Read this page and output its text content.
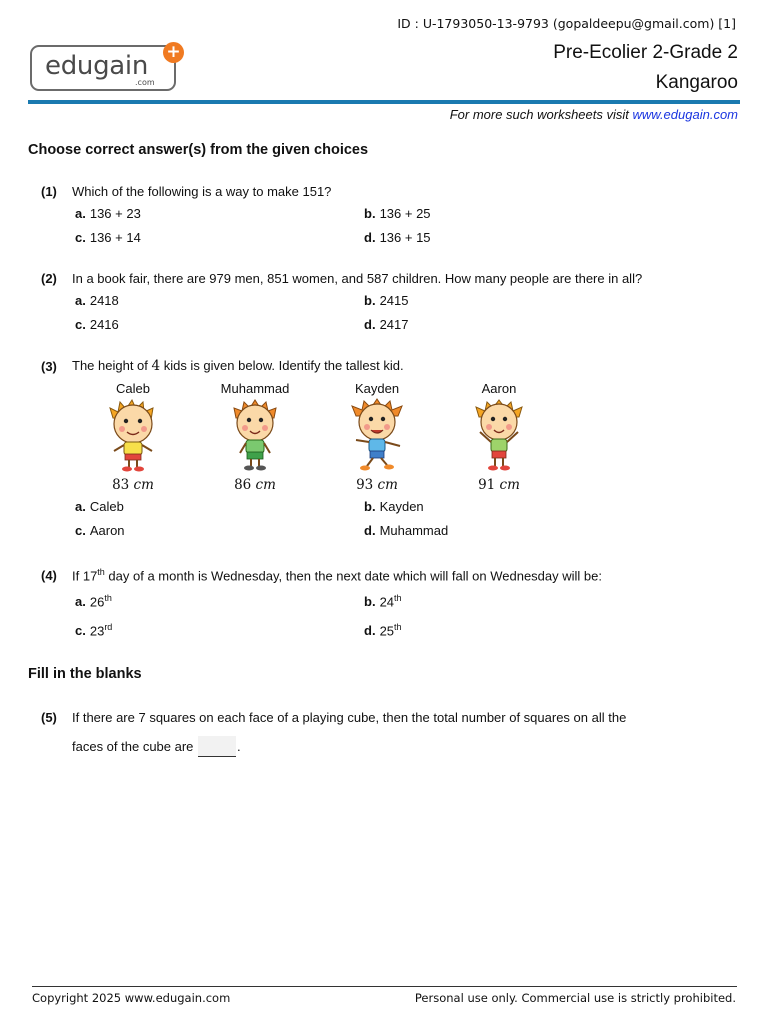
ID : U-1793050-13-9793 (gopaldeepu@gmail.com) [1]
edugain
.com
+	Pre-Ecolier 2-Grade 2
Kangaroo
For more such worksheets visit www.edugain.com
Choose correct answer(s) from the given choices
(1) Which of the following is a way to make 151?
a. 136 + 23	b. 136 + 25
c. 136 + 14	d. 136 + 15
(2) In a book fair, there are 979 men, 851 women, and 587 children. How many people are there in all?
a. 2418	b. 2415
c. 2416	d. 2417
(3) The height of 4 kids is given below. Identify the tallest kid.
Caleb
83 cm
Muhammad
86 cm
Kayden
93 cm
Aaron
91 cm
a. Caleb	b. Kayden
c. Aaron	d. Muhammad
(4) If 17th day of a month is Wednesday, then the next date which will fall on Wednesday will be:
a. 26th	b. 24th
c. 23rd	d. 25th
Fill in the blanks
(5) If there are 7 squares on each face of a playing cube, then the total number of squares on all the
faces of the cube are	.
Copyright 2025 www.edugain.com	Personal use only. Commercial use is strictly prohibited.
